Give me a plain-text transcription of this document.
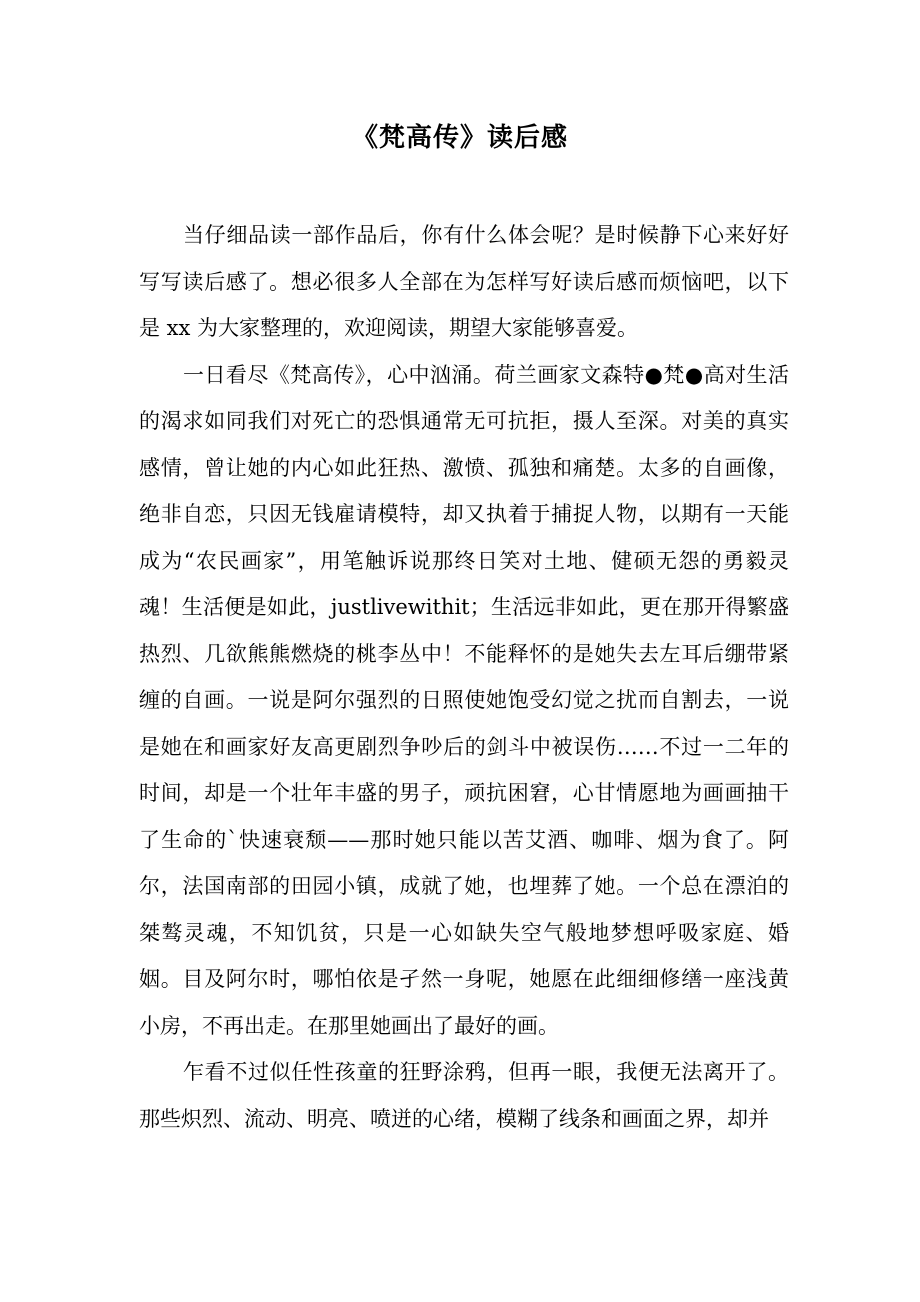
《梵高传》读后感

当仔细品读一部作品后，你有什么体会呢？是时候静下心来好好写写读后感了。想必很多人全部在为怎样写好读后感而烦恼吧，以下是 xx 为大家整理的，欢迎阅读，期望大家能够喜爱。

一日看尽《梵高传》，心中汹涌。荷兰画家文森特●梵●高对生活的渴求如同我们对死亡的恐惧通常无可抗拒，摄人至深。对美的真实感情，曾让她的内心如此狂热、激愤、孤独和痛楚。太多的自画像，绝非自恋，只因无钱雇请模特，却又执着于捕捉人物，以期有一天能成为“农民画家”，用笔触诉说那终日笑对土地、健硕无怨的勇毅灵魂！生活便是如此，justlivewithit；生活远非如此，更在那开得繁盛热烈、几欲熊熊燃烧的桃李丛中！不能释怀的是她失去左耳后绷带紧缠的自画。一说是阿尔强烈的日照使她饱受幻觉之扰而自割去，一说是她在和画家好友高更剧烈争吵后的剑斗中被误伤……不过一二年的时间，却是一个壮年丰盛的男子，顽抗困窘，心甘情愿地为画画抽干了生命的`快速衰颓——那时她只能以苦艾酒、咖啡、烟为食了。阿尔，法国南部的田园小镇，成就了她，也埋葬了她。一个总在漂泊的桀骜灵魂，不知饥贫，只是一心如缺失空气般地梦想呼吸家庭、婚姻。目及阿尔时，哪怕依是孑然一身呢，她愿在此细细修缮一座浅黄小房，不再出走。在那里她画出了最好的画。

乍看不过似任性孩童的狂野涂鸦，但再一眼，我便无法离开了。那些炽烈、流动、明亮、喷迸的心绪，模糊了线条和画面之界，却并
